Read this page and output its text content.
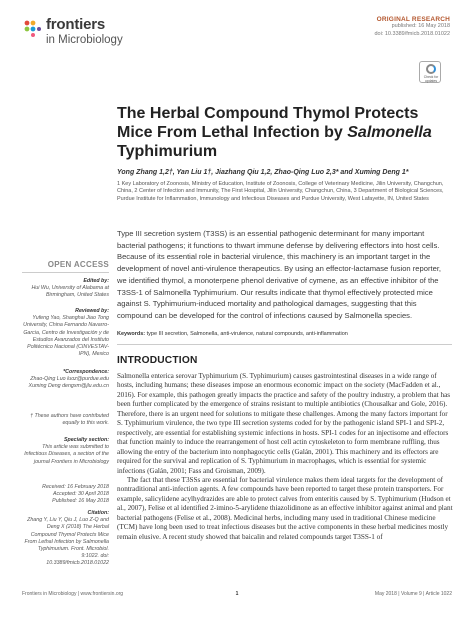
frontiers
in Microbiology
ORIGINAL RESEARCH
published: 16 May 2018
doi: 10.3389/fmicb.2018.01022
Check for updates
The Herbal Compound Thymol Protects Mice From Lethal Infection by Salmonella Typhimurium
Yong Zhang 1,2†, Yan Liu 1†, Jiazhang Qiu 1,2, Zhao-Qing Luo 2,3* and Xuming Deng 1*
1 Key Laboratory of Zoonosis, Ministry of Education, Institute of Zoonosis, College of Veterinary Medicine, Jilin University, Changchun, China, 2 Center of Infection and Immunity, The First Hospital, Jilin University, Changchun, China, 3 Department of Biological Sciences, Purdue Institute for Inflammation, Immunology and Infectious Diseases and Purdue University, West Lafayette, IN, United States
Type III secretion system (T3SS) is an essential pathogenic determinant for many important bacterial pathogens; it functions to thwart immune defense by delivering effectors into host cells. Because of its essential role in bacterial virulence, this machinery is an important target in the development of novel anti-virulence therapeutics. By using an effector-lactamase fusion reporter, we identified thymol, a monoterpene phenol derivative of cymene, as an effective inhibitor of the T3SS-1 of Salmonella Typhimurium. Our results indicate that thymol effectively protected mice against S. Typhimurium-induced mortality and pathological damages, suggesting that this compound can be developed for the control of infections caused by Salmonella species.
Keywords: type III secretion, Salmonella, anti-virulence, natural compounds, anti-inflammation
OPEN ACCESS
Edited by:
Hui Wu, University of Alabama at Birmingham, United States
Reviewed by:
Yufeng Yao, Shanghai Jiao Tong University, China Fernando Navarro-Garcia, Centro de Investigación y de Estudios Avanzados del Instituto Politécnico Nacional (CINVESTAV-IPN), Mexico
*Correspondence:
Zhao-Qing Luo luoz@purdue.edu Xuming Deng dengxm@jlu.edu.cn
† These authors have contributed equally to this work.
Specialty section:
This article was submitted to Infectious Diseases, a section of the journal Frontiers in Microbiology
Received: 16 February 2018
Accepted: 30 April 2018
Published: 16 May 2018
Citation:
Zhang Y, Liu Y, Qiu J, Luo Z-Q and Deng X (2018) The Herbal Compound Thymol Protects Mice From Lethal Infection by Salmonella Typhimurium. Front. Microbiol. 9:1022. doi: 10.3389/fmicb.2018.01022
INTRODUCTION

Salmonella enterica serovar Typhimurium (S. Typhimurium) causes gastrointestinal diseases in a wide range of hosts, including humans; these diseases impose an enormous economic impact on the society (MacFadden et al., 2016). For example, this pathogen greatly impacts the practice and safety of the poultry industry, a problem that has been further complicated by the emergence of strains resistant to multiple antibiotics (Chousalkar and Gole, 2016). Therefore, there is an urgent need for solutions to mitigate these challenges. Among the many factors important for S. Typhimurium virulence, the two type III secretion systems coded for by the pathogenic island SPI-1 and SPI-2, respectively, are essential for establishing systemic infections in hosts. SPI-1 codes for an injectisome and effectors that function mainly to induce the rearrangement of host cell actin cytoskeleton to form membrane ruffling, thus allowing the entry of the bacterium into nonphagocytic cells (Galán, 2001). This machinery and its effectors are required for the survival and replication of S. Typhimurium in macrophages, which is essential for systemic infections (Galán, 2001; Fass and Groisman, 2009).

The fact that these T3SSs are essential for bacterial virulence makes them ideal targets for the development of nontraditional anti-infection agents. A few compounds have been reported to target these protein transporters. For example, salicylidene acylhydrazides are able to protect calves from enteritis caused by S. Typhimurium (Hudson et al., 2007), Felise et al identified 2-imino-5-arylidene thiazolidinone as an effective inhibitor against animal and plant bacterial pathogens (Felise et al., 2008). Medicinal herbs, including many used in traditional Chinese medicine (TCM) have long been used to treat infectious diseases but the active components in these herbal medicines mostly remain elusive. A recent study showed that baicalin and related compounds target T3SS-1 of

Frontiers in Microbiology | www.frontiersin.org	1	May 2018 | Volume 9 | Article 1022
